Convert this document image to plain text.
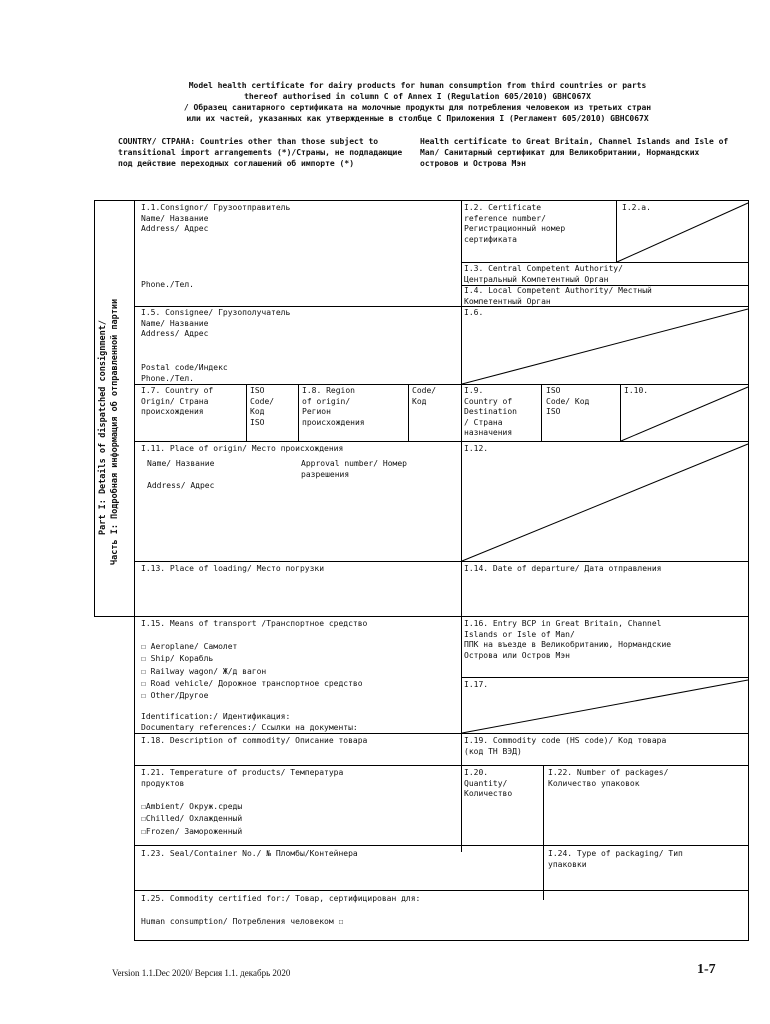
Model health certificate for dairy products for human consumption from third countries or parts
thereof authorised in column C of Annex I (Regulation 605/2010) GBHC067X
/ Образец санитарного сертификата на молочные продукты для потребления человеком из третьих стран
или их частей, указанных как утвержденные в столбце С Приложения I (Регламент 605/2010) GBHC067X
COUNTRY/ СТРАНА: Countries other than those subject to transitional import arrangements (*)/Страны, не подпадающие под действие переходных соглашений об импорте (*)
Health certificate to Great Britain, Channel Islands and Isle of Man/ Санитарный сертификат для Великобритании, Нормандских островов и Острова Мэн
Part I: Details of dispatched consignment/ Часть I: Подробная информация об отправленной партии
I.1.Consignor/ Грузоотправитель
Name/ Название
Address/ Адрес
Phone./Тел.
I.2. Certificate
reference number/
Регистрационный номер
сертификата
I.2.a.
I.3. Central Competent Authority/
Центральный Компетентный Орган
I.4. Local Competent Authority/ Местный
Компетентный Орган
I.5. Consignee/ Грузополучатель
Name/ Название
Address/ Адрес
Postal code/Индекс
Phone./Тел.
I.6.
I.7. Country of
Origin/ Страна
происхождения
ISO
Code/
Код
ISO
I.8. Region
of origin/
Регион
происхождения
Code/
Код
I.9.
Country of
Destination
/ Страна
назначения
ISO
Code/ Код
ISO
I.10.
I.11. Place of origin/ Место происхождения
Name/ Название	Approval number/ Номер
разрешения
Address/ Адрес
I.12.
I.13. Place of loading/ Место погрузки	I.14. Date of departure/ Дата отправления
I.15. Means of transport /Транспортное средство
☐ Aeroplane/ Самолет
☐ Ship/ Корабль
☐ Railway wagon/ Ж/д вагон
☐ Road vehicle/ Дорожное транспортное средство
☐ Other/Другое
Identification:/ Идентификация:
Documentary references:/ Ссылки на документы:
I.16. Entry BCP in Great Britain, Channel
Islands or Isle of Man/
ППК на въезде в Великобританию, Нормандские
Острова или Остров Мэн
I.17.
I.18. Description of commodity/ Описание товара	I.19. Commodity code (HS code)/ Код товара
(код ТН ВЭД)
I.21. Temperature of products/ Температура
продуктов
☐Ambient/ Окруж.среды
☐Chilled/ Охлажденный
☐Frozen/ Замороженный
I.20.
Quantity/
Количество
I.22. Number of packages/
Количество упаковок
I.23. Seal/Container No./ № Пломбы/Контейнера	I.24. Type of packaging/ Тип
упаковки
I.25. Commodity certified for:/ Товар, сертифицирован для:
Human consumption/ Потребления человеком ☐
Version 1.1.Dec 2020/ Версия 1.1. декабрь 2020	1-7
